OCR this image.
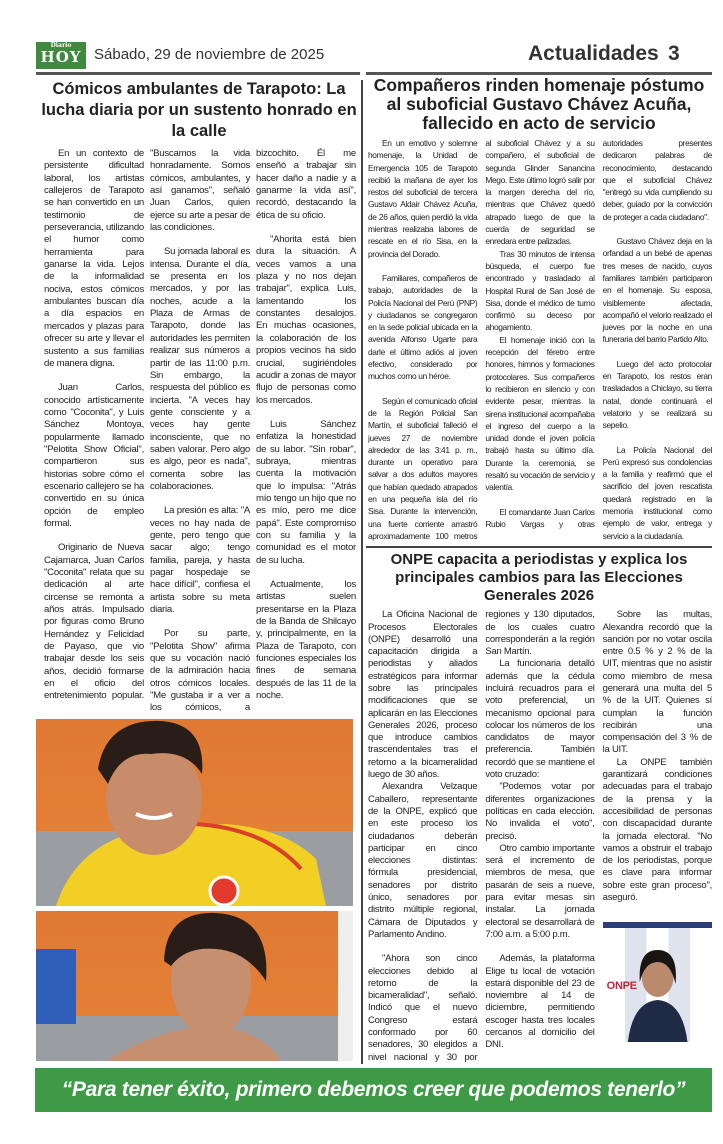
Diario
HOY Sábado, 29 de noviembre de 2025	Actualidades 3
Cómicos ambulantes de Tarapoto: La lucha diaria por un sustento honrado en la calle

En un contexto de persistente dificultad laboral, los artistas callejeros de Tarapoto se han convertido en un testimonio de perseverancia, utilizando el humor como herramienta para ganarse la vida. Lejos de la informalidad nociva, estos cómicos ambulantes buscan día a día espacios en mercados y plazas para ofrecer su arte y llevar el sustento a sus familias de manera digna.

Juan Carlos, conocido artísticamente como "Coconita", y Luis Sánchez Montoya, popularmente llamado "Pelotita Show Oficial", compartieron sus historias sobre cómo el escenario callejero se ha convertido en su única opción de empleo formal.

Originario de Nueva Cajamarca, Juan Carlos "Coconita" relata que su dedicación al arte circense se remonta a años atrás. Impulsado por figuras como Bruno Hernández y Felicidad de Payaso, que vio trabajar desde los seis años, decidió formarse en el oficio del entretenimiento popular. "Buscamos la vida honradamente. Somos cómicos, ambulantes, y así ganamos", señaló Juan Carlos, quien ejerce su arte a pesar de las condiciones.

Su jornada laboral es intensa. Durante el día, se presenta en los mercados, y por las noches, acude a la Plaza de Armas de Tarapoto, donde las autoridades les permiten realizar sus números a partir de las 11:00 p.m. Sin embargo, la respuesta del público es incierta. "A veces hay gente consciente y a veces hay gente inconsciente, que no saben valorar. Pero algo es algo, peor es nada", comenta sobre las colaboraciones.

La presión es alta: "A veces no hay nada de gente, pero tengo que sacar algo; tengo familia, pareja, y hasta pagar hospedaje se hace difícil", confiesa el artista sobre su meta diaria.

Por su parte, "Pelotita Show" afirma que su vocación nació de la admiración hacia otros cómicos locales. "Me gustaba ir a ver a los cómicos, a bizcochito. Él me enseñó a trabajar sin hacer daño a nadie y a ganarme la vida así", recordó, destacando la ética de su oficio.

"Ahorita está bien dura la situación. A veces vamos a una plaza y no nos dejan trabajar", explica Luis, lamentando los constantes desalojos. En muchas ocasiones, la colaboración de los propios vecinos ha sido crucial, sugiriéndoles acudir a zonas de mayor flujo de personas como los mercados.

Luis Sánchez enfatiza la honestidad de su labor. "Sin robar", subraya, mientras cuenta la motivación que lo impulsa: "Atrás mío tengo un hijo que no es mío, pero me dice papá". Este compromiso con su familia y la comunidad es el motor de su lucha.

Actualmente, los artistas suelen presentarse en la Plaza de la Banda de Shilcayo y, principalmente, en la Plaza de Tarapoto, con funciones especiales los fines de semana después de las 11 de la noche.

Compañeros rinden homenaje póstumo al suboficial Gustavo Chávez Acuña, fallecido en acto de servicio

En un emotivo y solemne homenaje, la Unidad de Emergencia 105 de Tarapoto recibió la mañana de ayer los restos del suboficial de tercera Gustavo Aldair Chávez Acuña, de 26 años, quien perdió la vida mientras realizaba labores de rescate en el río Sisa, en la provincia del Dorado.

Familiares, compañeros de trabajo, autoridades de la Policía Nacional del Perú (PNP) y ciudadanos se congregaron en la sede policial ubicada en la avenida Alfonso Ugarte para darle el último adiós al joven efectivo, considerado por muchos como un héroe.

Según el comunicado oficial de la Región Policial San Martín, el suboficial falleció el jueves 27 de noviembre alrededor de las 3:41 p. m., durante un operativo para salvar a dos adultos mayores que habían quedado atrapados en una pequeña isla del río Sisa. Durante la intervención, una fuerte corriente arrastró aproximadamente 100 metros al suboficial Chávez y a su compañero, el suboficial de segunda Glinder Sanancina Mego. Este último logró salir por la margen derecha del río, mientras que Chávez quedó atrapado luego de que la cuerda de seguridad se enredara entre palizadas.

Tras 30 minutos de intensa búsqueda, el cuerpo fue encontrado y trasladado al Hospital Rural de San José de Sisa, donde el médico de turno confirmó su deceso por ahogamiento.

El homenaje inició con la recepción del féretro entre honores, himnos y formaciones protocolares. Sus compañeros lo recibieron en silencio y con evidente pesar, mientras la sirena institucional acompañaba el ingreso del cuerpo a la unidad donde el joven policía trabajó hasta su último día. Durante la ceremonia, se resaltó su vocación de servicio y valentía.

El comandante Juan Carlos Rubio Vargas y otras autoridades presentes dedicaron palabras de reconocimiento, destacando que el suboficial Chávez "entregó su vida cumpliendo su deber, guiado por la convicción de proteger a cada ciudadano".

Gustavo Chávez deja en la orfandad a un bebé de apenas tres meses de nacido, cuyos familiares también participaron en el homenaje. Su esposa, visiblemente afectada, acompañó el velorio realizado el jueves por la noche en una funeraria del barrio Partido Alto.

Luego del acto protocolar en Tarapoto, los restos eran trasladados a Chiclayo, su tierra natal, donde continuará el velatorio y se realizará su sepelio.

La Policía Nacional del Perú expresó sus condolencias a la familia y reafirmó que el sacrificio del joven rescatista quedará registrado en la memoria institucional como ejemplo de valor, entrega y servicio a la ciudadanía.

ONPE capacita a periodistas y explica los principales cambios para las Elecciones Generales 2026

La Oficina Nacional de Procesos Electorales (ONPE) desarrolló una capacitación dirigida a periodistas y aliados estratégicos para informar sobre las principales modificaciones que se aplicarán en las Elecciones Generales 2026, proceso que introduce cambios trascendentales tras el retorno a la bicameralidad luego de 30 años.

Alexandra Velzaque Caballero, representante de la ONPE, explicó que en este proceso los ciudadanos deberán participar en cinco elecciones distintas: fórmula presidencial, senadores por distrito único, senadores por distrito múltiple regional, Cámara de Diputados y Parlamento Andino.

"Ahora son cinco elecciones debido al retorno de la bicameralidad", señaló. Indicó que el nuevo Congreso estará conformado por 60 senadores, 30 elegidos a nivel nacional y 30 por regiones y 130 diputados, de los cuales cuatro corresponderán a la región San Martín.

La funcionaria detalló además que la cédula incluirá recuadros para el voto preferencial, un mecanismo opcional para colocar los números de los candidatos de mayor preferencia. También recordó que se mantiene el voto cruzado:

"Podemos votar por diferentes organizaciones políticas en cada elección. No invalida el voto", precisó.

Otro cambio importante será el incremento de miembros de mesa, que pasarán de seis a nueve, para evitar mesas sin instalar. La jornada electoral se desarrollará de 7:00 a.m. a 5:00 p.m.

Además, la plataforma Elige tu local de votación estará disponible del 23 de noviembre al 14 de diciembre, permitiendo escoger hasta tres locales cercanos al domicilio del DNI.

Sobre las multas, Alexandra recordó que la sanción por no votar oscila entre 0.5 % y 2 % de la UIT, mientras que no asistir como miembro de mesa generará una multa del 5 % de la UIT. Quienes sí cumplan la función recibirán una compensación del 3 % de la UIT.

La ONPE también garantizará condiciones adecuadas para el trabajo de la prensa y la accesibilidad de personas con discapacidad durante la jornada electoral. "No vamos a obstruir el trabajo de los periodistas, porque es clave para informar sobre este gran proceso", aseguró.

ONPE
“Para tener éxito, primero debemos creer que podemos tenerlo”
